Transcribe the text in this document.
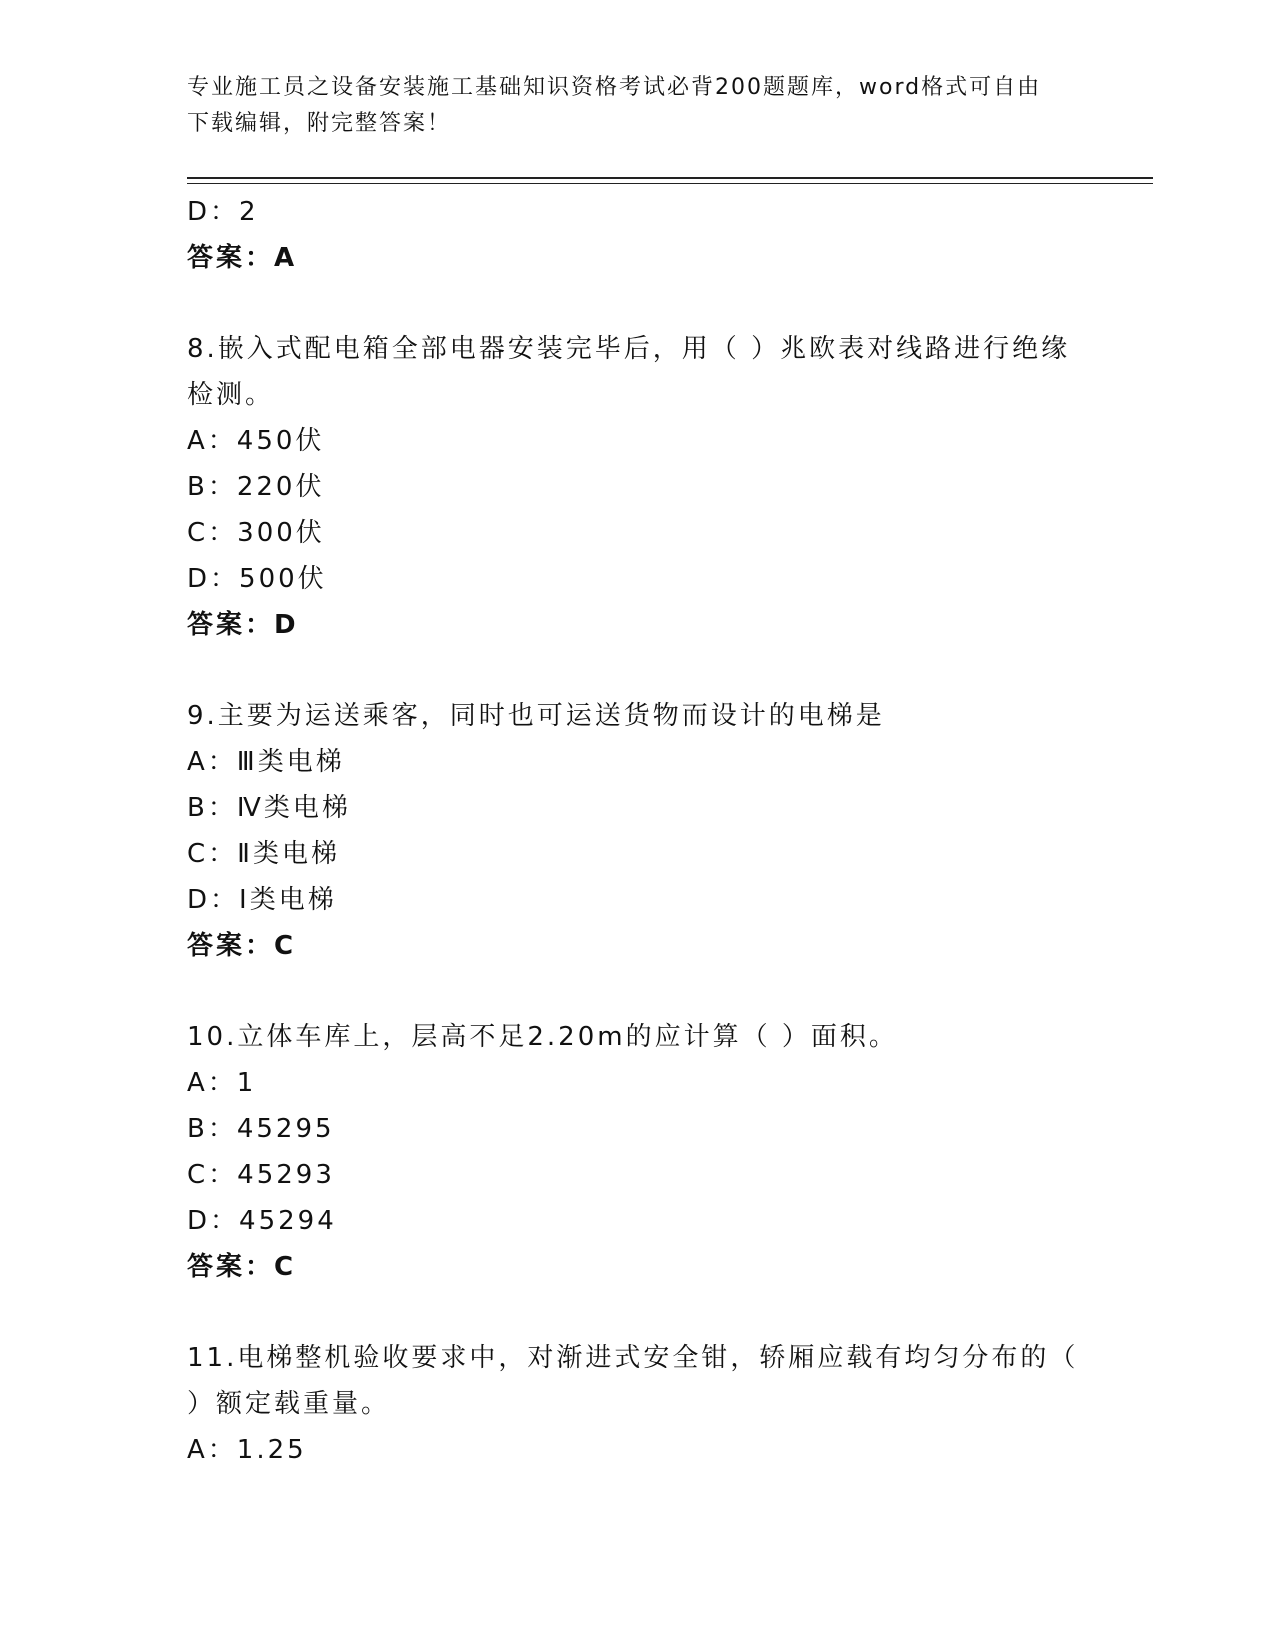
专业施工员之设备安装施工基础知识资格考试必背200题题库，word格式可自由
下载编辑，附完整答案！
D：2
答案：A
8.嵌入式配电箱全部电器安装完毕后，用（ ）兆欧表对线路进行绝缘
检测。
A：450伏
B：220伏
C：300伏
D：500伏
答案：D
9.主要为运送乘客，同时也可运送货物而设计的电梯是
A：Ⅲ类电梯
B：Ⅳ类电梯
C：Ⅱ类电梯
D：Ⅰ类电梯
答案：C
10.立体车库上，层高不足2.20m的应计算（ ）面积。
A：1
B：45295
C：45293
D：45294
答案：C
11.电梯整机验收要求中，对渐进式安全钳，轿厢应载有均匀分布的（
）额定载重量。
A：1.25
